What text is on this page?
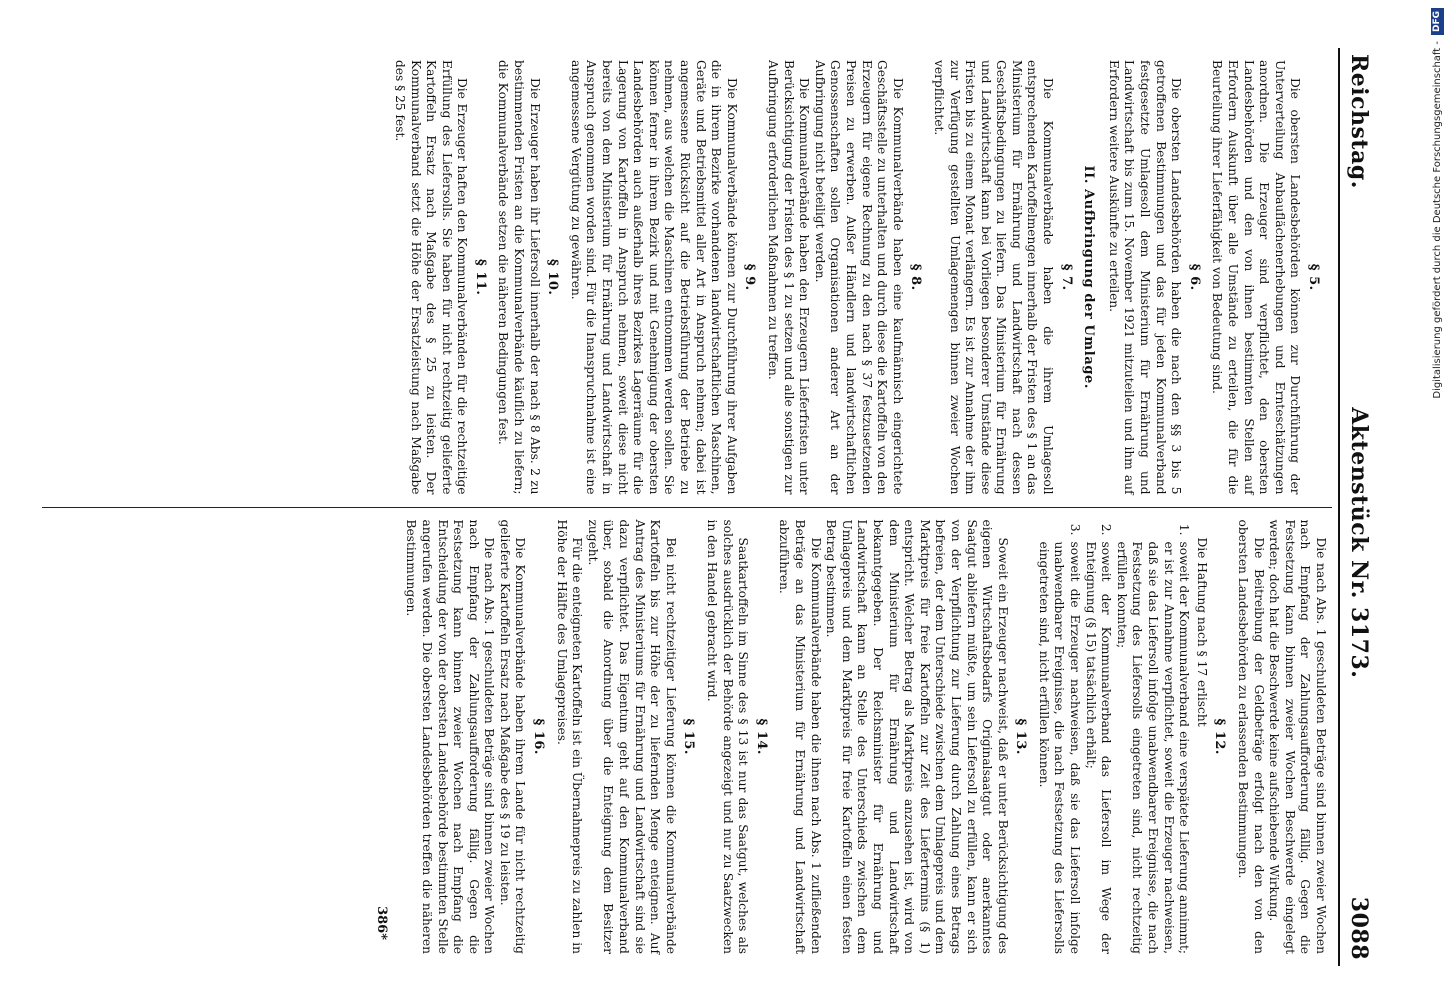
Reichstag.
Aktenstück Nr. 3173.
3088
§ 5.

Die obersten Landesbehörden können zur Durchführung der Unterverteilung Anbauflächenerhebungen und Ernteschätzungen anordnen. Die Erzeuger sind verpflichtet, den obersten Landesbehörden und den von ihnen bestimmten Stellen auf Erfordern Auskunft über alle Umstände zu erteilen, die für die Beurteilung ihrer Lieferfähigkeit von Bedeutung sind.

§ 6.

Die obersten Landesbehörden haben die nach den §§ 3 bis 5 getroffenen Bestimmungen und das für jeden Kommunalverband festgesetzte Umlagesoll dem Ministerium für Ernährung und Landwirtschaft bis zum 15. November 1921 mitzuteilen und ihm auf Erfordern weitere Auskünfte zu erteilen.

II. Aufbringung der Umlage.
§ 7.

Die Kommunalverbände haben die ihrem Umlagesoll entsprechenden Kartoffelmengen innerhalb der Fristen des § 1 an das Ministerium für Ernährung und Landwirtschaft nach dessen Geschäftsbedingungen zu liefern. Das Ministerium für Ernährung und Landwirtschaft kann bei Vorliegen besonderer Umstände diese Fristen bis zu einem Monat verlängern. Es ist zur Annahme der ihm zur Verfügung gestellten Umlagemengen binnen zweier Wochen verpflichtet.

§ 8.

Die Kommunalverbände haben eine kaufmännisch eingerichtete Geschäftsstelle zu unterhalten und durch diese die Kartoffeln von den Erzeugern für eigene Rechnung zu den nach § 37 festzusetzenden Preisen zu erwerben. Außer Händlern und landwirtschaftlichen Genossenschaften sollen Organisationen anderer Art an der Aufbringung nicht beteiligt werden.

Die Kommunalverbände haben den Erzeugern Lieferfristen unter Berücksichtigung der Fristen des § 1 zu setzen und alle sonstigen zur Aufbringung erforderlichen Maßnahmen zu treffen.

§ 9.

Die Kommunalverbände können zur Durchführung ihrer Aufgaben die in ihrem Bezirke vorhandenen landwirtschaftlichen Maschinen, Geräte und Betriebsmittel aller Art in Anspruch nehmen; dabei ist angemessene Rücksicht auf die Betriebsführung der Betriebe zu nehmen, aus welchen die Maschinen entnommen werden sollen. Sie können ferner in ihrem Bezirk und mit Genehmigung der obersten Landesbehörden auch außerhalb ihres Bezirkes Lagerräume für die Lagerung von Kartoffeln in Anspruch nehmen, soweit diese nicht bereits von dem Ministerium für Ernährung und Landwirtschaft in Anspruch genommen worden sind. Für die Inanspruchnahme ist eine angemessene Vergütung zu gewähren.

§ 10.

Die Erzeuger haben ihr Liefersoll innerhalb der nach § 8 Abs. 2 zu bestimmenden Fristen an die Kommunalverbände käuflich zu liefern; die Kommunalverbände setzen die näheren Bedingungen fest.

§ 11.

Die Erzeuger haften den Kommunalverbänden für die rechtzeitige Erfüllung des Liefersolls. Sie haben für nicht rechtzeitig gelieferte Kartoffeln Ersatz nach Maßgabe des § 25 zu leisten. Der Kommunalverband setzt die Höhe der Ersatzleistung nach Maßgabe des § 25 fest.

Die nach Abs. 1 geschuldeten Beträge sind binnen zweier Wochen nach Empfang der Zahlungsaufforderung fällig. Gegen die Festsetzung kann binnen zweier Wochen Beschwerde eingelegt werden; doch hat die Beschwerde keine aufschiebende Wirkung.

Die Beitreibung der Geldbeträge erfolgt nach den von den obersten Landesbehörden zu erlassenden Bestimmungen.

§ 12.

Die Haftung nach § 17 erlischt

1.
soweit der Kommunalverband eine verspätete Lieferung annimmt; er ist zur Annahme verpflichtet, soweit die Erzeuger nachweisen, daß sie das Liefersoll infolge unabwendbarer Ereignisse, die nach Festsetzung des Liefersolls eingetreten sind, nicht rechtzeitig erfüllen konnten;
2.
soweit der Kommunalverband das Liefersoll im Wege der Enteignung (§ 15) tatsächlich erhält;
3.
soweit die Erzeuger nachweisen, daß sie das Liefersoll infolge unabwendbarer Ereignisse, die nach Festsetzung des Liefersolls eingetreten sind, nicht erfüllen können.
§ 13.

Soweit ein Erzeuger nachweist, daß er unter Berücksichtigung des eigenen Wirtschaftsbedarfs Originalsaatgut oder anerkanntes Saatgut abliefern müßte, um sein Liefersoll zu erfüllen, kann er sich von der Verpflichtung zur Lieferung durch Zahlung eines Betrags befreien, der dem Unterschiede zwischen dem Umlagepreis und dem Marktpreis für freie Kartoffeln zur Zeit des Liefertermins (§ 1) entspricht. Welcher Betrag als Marktpreis anzusehen ist, wird von dem Ministerium für Ernährung und Landwirtschaft bekanntgegeben. Der Reichsminister für Ernährung und Landwirtschaft kann an Stelle des Unterschieds zwischen dem Umlagepreis und dem Marktpreis für freie Kartoffeln einen festen Betrag bestimmen.

Die Kommunalverbände haben die ihnen nach Abs. 1 zufließenden Beträge an das Ministerium für Ernährung und Landwirtschaft abzuführen.

§ 14.

Saatkartoffeln im Sinne des § 13 ist nur das Saatgut, welches als solches ausdrücklich der Behörde angezeigt und nur zu Saatzwecken in den Handel gebracht wird.

§ 15.

Bei nicht rechtzeitiger Lieferung können die Kommunalverbände Kartoffeln bis zur Höhe der zu liefernden Menge enteignen. Auf Antrag des Ministeriums für Ernährung und Landwirtschaft sind sie dazu verpflichtet. Das Eigentum geht auf den Kommunalverband über, sobald die Anordnung über die Enteignung dem Besitzer zugeht.

Für die enteigneten Kartoffeln ist ein Übernahmepreis zu zahlen in Höhe der Hälfte des Umlagepreises.

§ 16.

Die Kommunalverbände haben ihrem Lande für nicht rechtzeitig gelieferte Kartoffeln Ersatz nach Maßgabe des § 19 zu leisten.

Die nach Abs. 1 geschuldeten Beträge sind binnen zweier Wochen nach Empfang der Zahlungsaufforderung fällig. Gegen die Festsetzung kann binnen zweier Wochen nach Empfang die Entscheidung der von der obersten Landesbehörde bestimmten Stelle angerufen werden. Die obersten Landesbehörden treffen die näheren Bestimmungen.

386*
Digitalisierung gefördert durch die Deutsche Forschungsgemeinschaft -DFG
